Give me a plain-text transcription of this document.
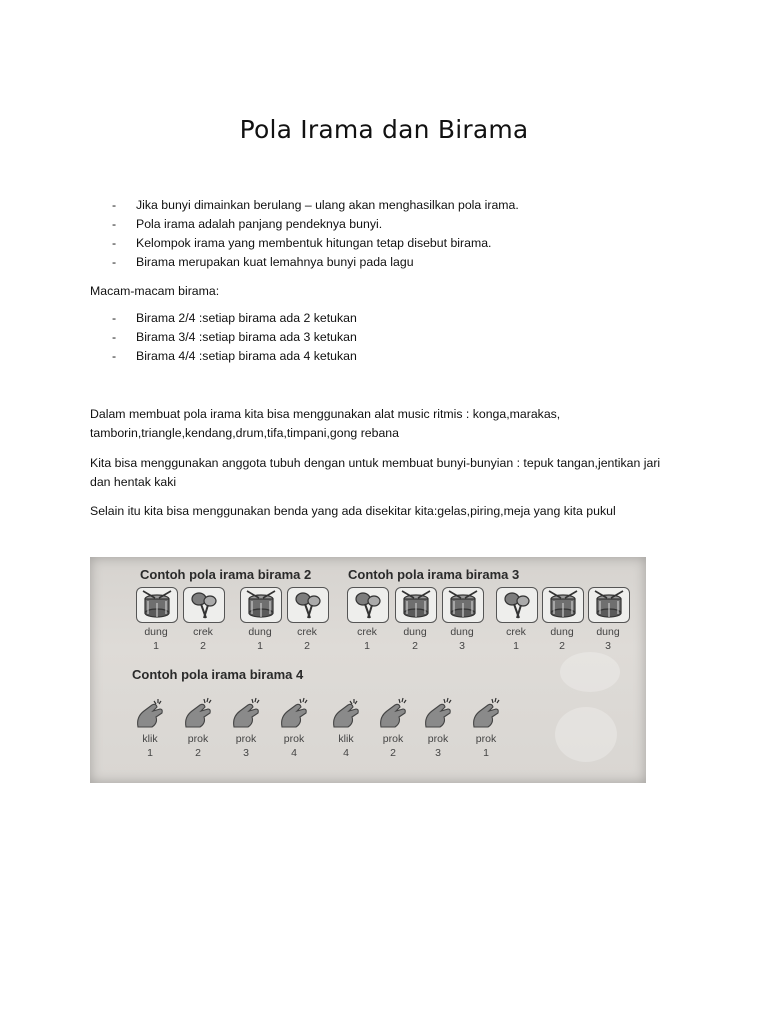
Pola Irama dan Birama
- Jika bunyi dimainkan berulang – ulang akan menghasilkan pola irama.
- Pola irama adalah panjang pendeknya bunyi.
- Kelompok irama yang membentuk hitungan tetap disebut birama.
- Birama merupakan kuat lemahnya bunyi pada lagu

Macam-macam birama:

- Birama 2/4 :setiap birama ada 2 ketukan
- Birama 3/4 :setiap birama ada 3 ketukan
- Birama 4/4 :setiap birama ada 4 ketukan

Dalam membuat pola irama kita bisa menggunakan alat music ritmis : konga,marakas, tamborin,triangle,kendang,drum,tifa,timpani,gong rebana

Kita bisa menggunakan anggota tubuh dengan untuk membuat bunyi-bunyian : tepuk tangan,jentikan jari dan hentak kaki

Selain itu kita bisa menggunakan benda yang ada disekitar kita:gelas,piring,meja yang kita pukul

Contoh pola irama birama 2	Contoh pola irama birama 3
Contoh pola irama birama 4
dung
1
crek
2
dung
1
crek
2
crek
1
dung
2
dung
3
crek
1
dung
2
dung
3
klik
1
prok
2
prok
3
prok
4
klik
4
prok
2
prok
3
prok
1
